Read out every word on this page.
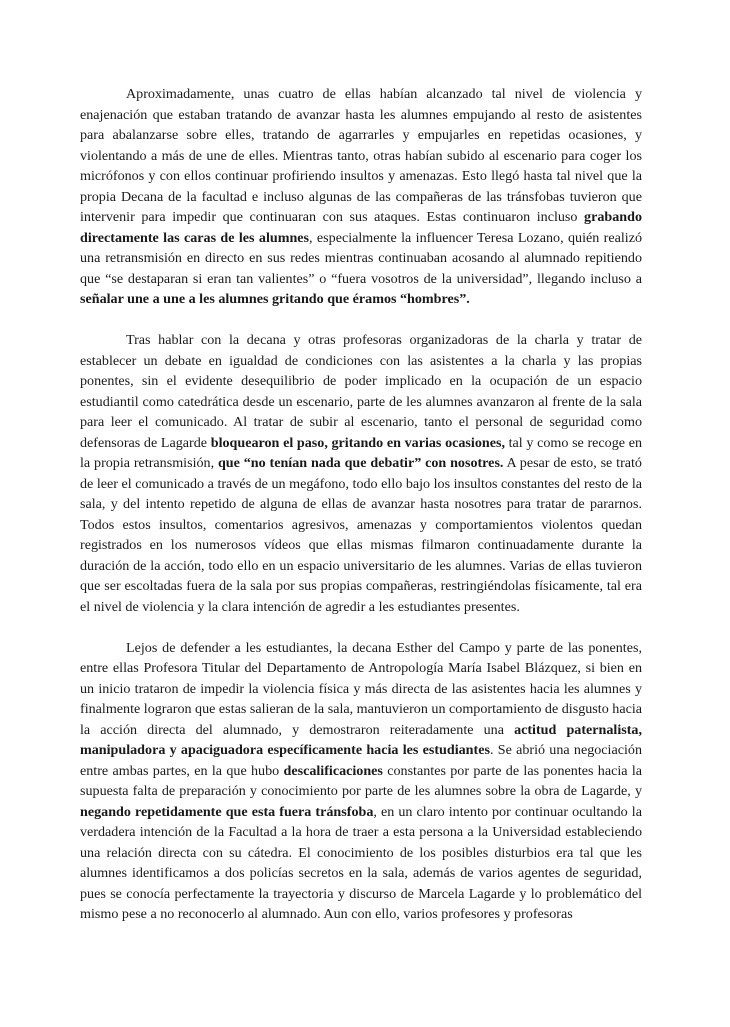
Aproximadamente, unas cuatro de ellas habían alcanzado tal nivel de violencia y enajenación que estaban tratando de avanzar hasta les alumnes empujando al resto de asistentes para abalanzarse sobre elles, tratando de agarrarles y empujarles en repetidas ocasiones, y violentando a más de une de elles. Mientras tanto, otras habían subido al escenario para coger los micrófonos y con ellos continuar profiriendo insultos y amenazas. Esto llegó hasta tal nivel que la propia Decana de la facultad e incluso algunas de las compañeras de las tránsfobas tuvieron que intervenir para impedir que continuaran con sus ataques. Estas continuaron incluso grabando directamente las caras de les alumnes, especialmente la influencer Teresa Lozano, quién realizó una retransmisión en directo en sus redes mientras continuaban acosando al alumnado repitiendo que “se destaparan si eran tan valientes” o “fuera vosotros de la universidad”, llegando incluso a señalar une a une a les alumnes gritando que éramos “hombres”.

Tras hablar con la decana y otras profesoras organizadoras de la charla y tratar de establecer un debate en igualdad de condiciones con las asistentes a la charla y las propias ponentes, sin el evidente desequilibrio de poder implicado en la ocupación de un espacio estudiantil como catedrática desde un escenario, parte de les alumnes avanzaron al frente de la sala para leer el comunicado. Al tratar de subir al escenario, tanto el personal de seguridad como defensoras de Lagarde bloquearon el paso, gritando en varias ocasiones, tal y como se recoge en la propia retransmisión, que “no tenían nada que debatir” con nosotres. A pesar de esto, se trató de leer el comunicado a través de un megáfono, todo ello bajo los insultos constantes del resto de la sala, y del intento repetido de alguna de ellas de avanzar hasta nosotres para tratar de pararnos. Todos estos insultos, comentarios agresivos, amenazas y comportamientos violentos quedan registrados en los numerosos vídeos que ellas mismas filmaron continuadamente durante la duración de la acción, todo ello en un espacio universitario de les alumnes. Varias de ellas tuvieron que ser escoltadas fuera de la sala por sus propias compañeras, restringiéndolas físicamente, tal era el nivel de violencia y la clara intención de agredir a les estudiantes presentes.

Lejos de defender a les estudiantes, la decana Esther del Campo y parte de las ponentes, entre ellas Profesora Titular del Departamento de Antropología María Isabel Blázquez, si bien en un inicio trataron de impedir la violencia física y más directa de las asistentes hacia les alumnes y finalmente lograron que estas salieran de la sala, mantuvieron un comportamiento de disgusto hacia la acción directa del alumnado, y demostraron reiteradamente una actitud paternalista, manipuladora y apaciguadora específicamente hacia les estudiantes. Se abrió una negociación entre ambas partes, en la que hubo descalificaciones constantes por parte de las ponentes hacia la supuesta falta de preparación y conocimiento por parte de les alumnes sobre la obra de Lagarde, y negando repetidamente que esta fuera tránsfoba, en un claro intento por continuar ocultando la verdadera intención de la Facultad a la hora de traer a esta persona a la Universidad estableciendo una relación directa con su cátedra. El conocimiento de los posibles disturbios era tal que les alumnes identificamos a dos policías secretos en la sala, además de varios agentes de seguridad, pues se conocía perfectamente la trayectoria y discurso de Marcela Lagarde y lo problemático del mismo pese a no reconocerlo al alumnado. Aun con ello, varios profesores y profesoras
